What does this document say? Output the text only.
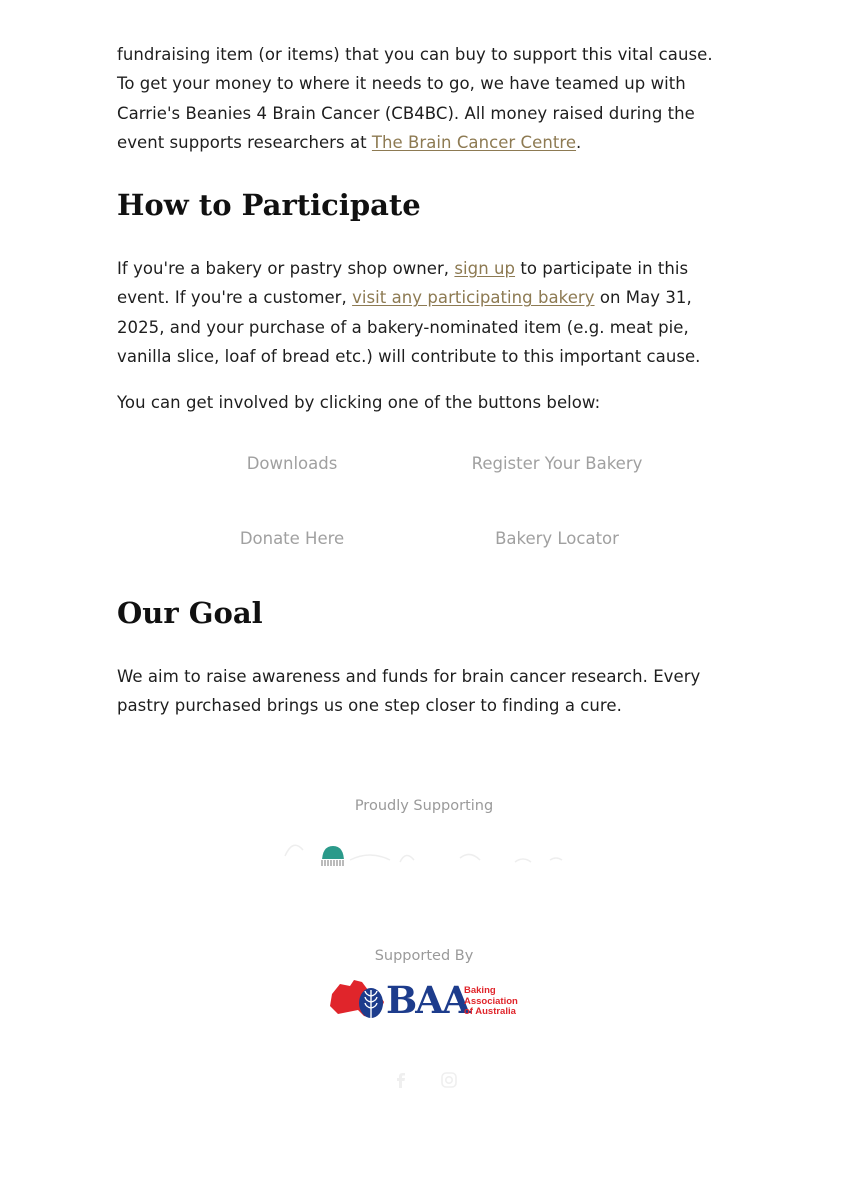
fundraising item (or items) that you can buy to support this vital cause.
To get your money to where it needs to go, we have teamed up with
Carrie's Beanies 4 Brain Cancer (CB4BC). All money raised during the
event supports researchers at The Brain Cancer Centre.

How to Participate

If you're a bakery or pastry shop owner, sign up to participate in this event. If you're a customer, visit any participating bakery on May 31, 2025, and your purchase of a bakery-nominated item (e.g. meat pie, vanilla slice, loaf of bread etc.) will contribute to this important cause.

You can get involved by clicking one of the buttons below:

Downloads	Register Your Bakery
Donate Here	Bakery Locator
Our Goal

We aim to raise awareness and funds for brain cancer research. Every pastry purchased brings us one step closer to finding a cure.

Proudly Supporting
Supported By
BAA
Baking
Association
of Australia
